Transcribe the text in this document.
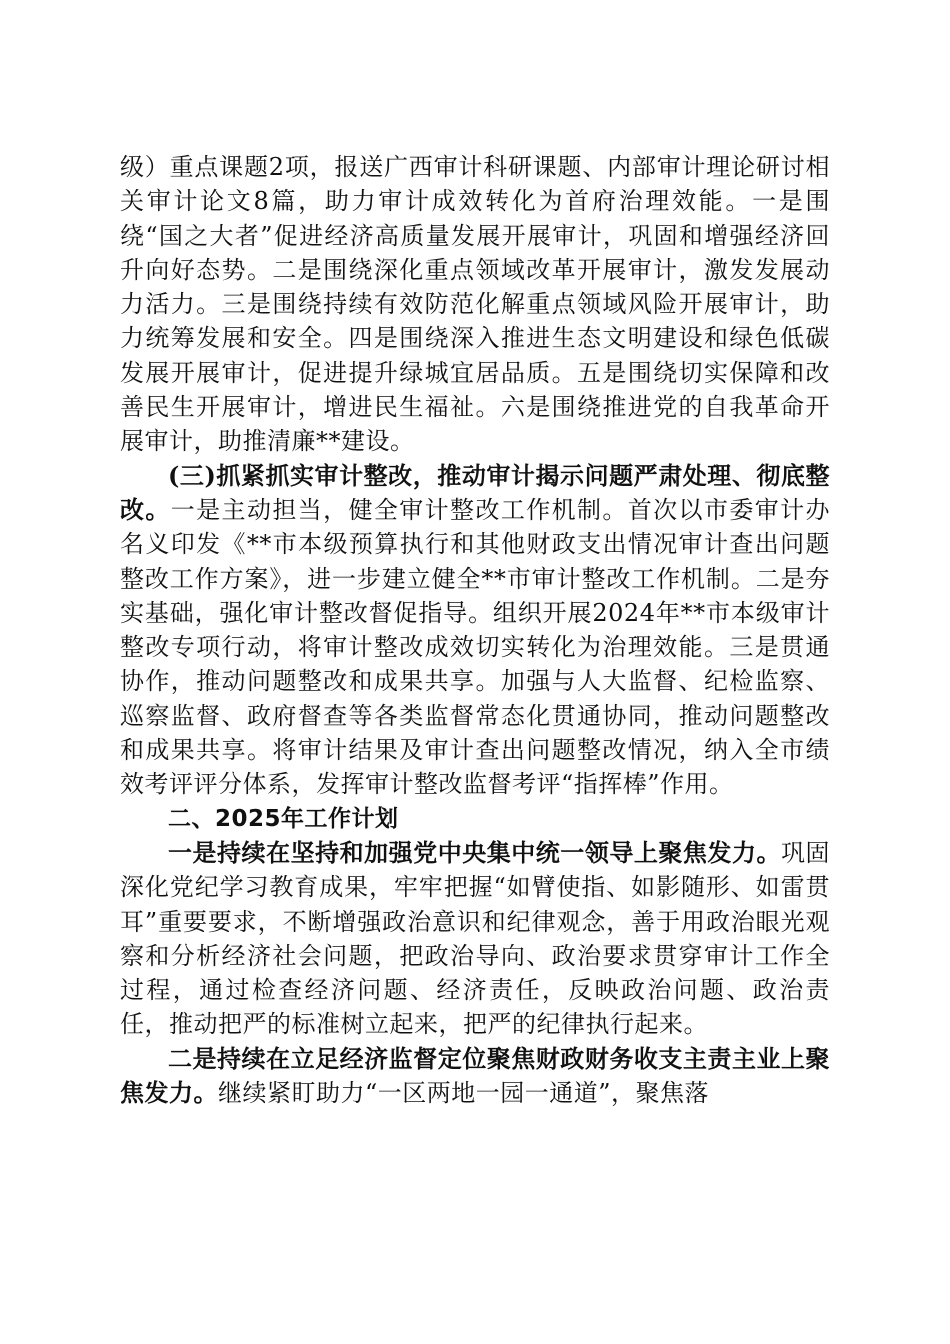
级）重点课题2项，报送广西审计科研课题、内部审计理论研讨相关审计论文8篇，助力审计成效转化为首府治理效能。一是围绕“国之大者”促进经济高质量发展开展审计，巩固和增强经济回升向好态势。二是围绕深化重点领域改革开展审计，激发发展动力活力。三是围绕持续有效防范化解重点领域风险开展审计，助力统筹发展和安全。四是围绕深入推进生态文明建设和绿色低碳发展开展审计，促进提升绿城宜居品质。五是围绕切实保障和改善民生开展审计，增进民生福祉。六是围绕推进党的自我革命开展审计，助推清廉**建设。

(三)抓紧抓实审计整改，推动审计揭示问题严肃处理、彻底整改。一是主动担当，健全审计整改工作机制。首次以市委审计办名义印发《**市本级预算执行和其他财政支出情况审计查出问题整改工作方案》，进一步建立健全**市审计整改工作机制。二是夯实基础，强化审计整改督促指导。组织开展2024年**市本级审计整改专项行动，将审计整改成效切实转化为治理效能。三是贯通协作，推动问题整改和成果共享。加强与人大监督、纪检监察、巡察监督、政府督查等各类监督常态化贯通协同，推动问题整改和成果共享。将审计结果及审计查出问题整改情况，纳入全市绩效考评评分体系，发挥审计整改监督考评“指挥棒”作用。

二、2025年工作计划

一是持续在坚持和加强党中央集中统一领导上聚焦发力。巩固深化党纪学习教育成果，牢牢把握“如臂使指、如影随形、如雷贯耳”重要要求，不断增强政治意识和纪律观念，善于用政治眼光观察和分析经济社会问题，把政治导向、政治要求贯穿审计工作全过程，通过检查经济问题、经济责任，反映政治问题、政治责任，推动把严的标准树立起来，把严的纪律执行起来。

二是持续在立足经济监督定位聚焦财政财务收支主责主业上聚焦发力。继续紧盯助力“一区两地一园一通道”，聚焦落
